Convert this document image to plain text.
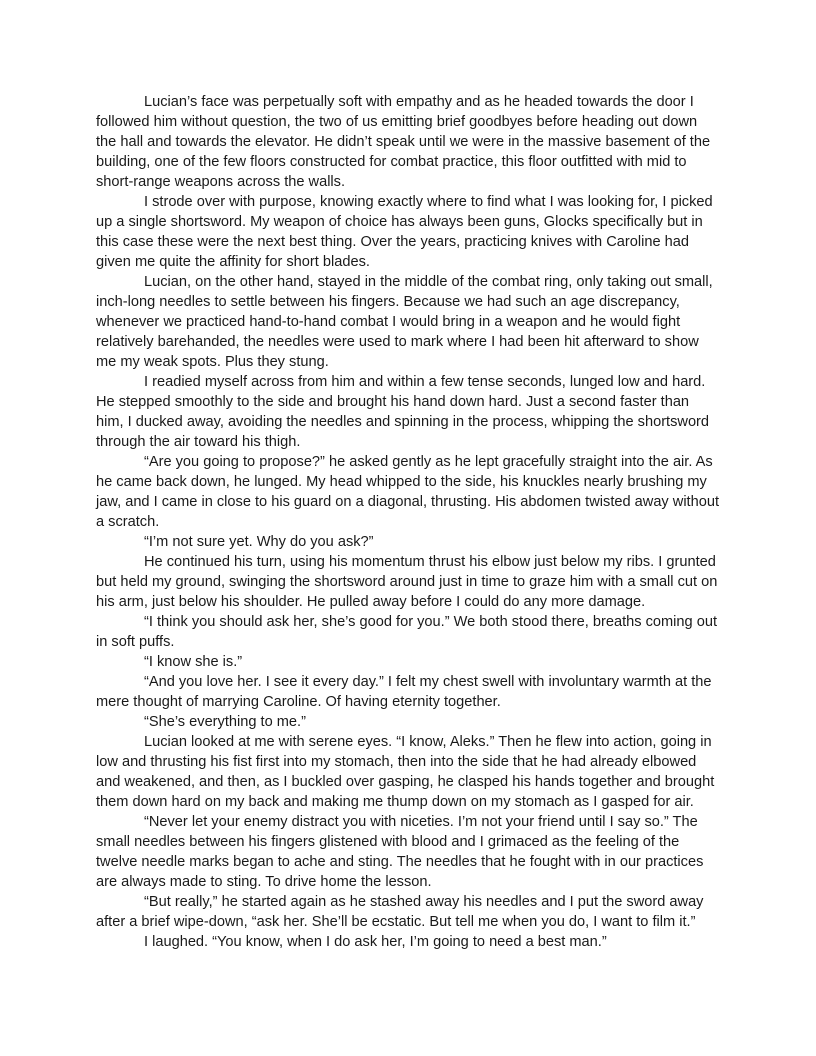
Lucian’s face was perpetually soft with empathy and as he headed towards the door I followed him without question, the two of us emitting brief goodbyes before heading out down the hall and towards the elevator. He didn’t speak until we were in the massive basement of the building, one of the few floors constructed for combat practice, this floor outfitted with mid to short-range weapons across the walls.

I strode over with purpose, knowing exactly where to find what I was looking for, I picked up a single shortsword. My weapon of choice has always been guns, Glocks specifically but in this case these were the next best thing. Over the years, practicing knives with Caroline had given me quite the affinity for short blades.

Lucian, on the other hand, stayed in the middle of the combat ring, only taking out small, inch-long needles to settle between his fingers. Because we had such an age discrepancy, whenever we practiced hand-to-hand combat I would bring in a weapon and he would fight relatively barehanded, the needles were used to mark where I had been hit afterward to show me my weak spots. Plus they stung.

I readied myself across from him and within a few tense seconds, lunged low and hard. He stepped smoothly to the side and brought his hand down hard. Just a second faster than him, I ducked away, avoiding the needles and spinning in the process, whipping the shortsword through the air toward his thigh.

“Are you going to propose?” he asked gently as he lept gracefully straight into the air. As he came back down, he lunged. My head whipped to the side, his knuckles nearly brushing my jaw, and I came in close to his guard on a diagonal, thrusting. His abdomen twisted away without a scratch.

“I’m not sure yet. Why do you ask?”

He continued his turn, using his momentum thrust his elbow just below my ribs. I grunted but held my ground, swinging the shortsword around just in time to graze him with a small cut on his arm, just below his shoulder. He pulled away before I could do any more damage.

“I think you should ask her, she’s good for you.” We both stood there, breaths coming out in soft puffs.

“I know she is.”

“And you love her. I see it every day.” I felt my chest swell with involuntary warmth at the mere thought of marrying Caroline. Of having eternity together.

“She’s everything to me.”

Lucian looked at me with serene eyes. “I know, Aleks.” Then he flew into action, going in low and thrusting his fist first into my stomach, then into the side that he had already elbowed and weakened, and then, as I buckled over gasping, he clasped his hands together and brought them down hard on my back and making me thump down on my stomach as I gasped for air.

“Never let your enemy distract you with niceties. I’m not your friend until I say so.” The small needles between his fingers glistened with blood and I grimaced as the feeling of the twelve needle marks began to ache and sting. The needles that he fought with in our practices are always made to sting. To drive home the lesson.

“But really,” he started again as he stashed away his needles and I put the sword away after a brief wipe-down, “ask her. She’ll be ecstatic. But tell me when you do, I want to film it.”

I laughed. “You know, when I do ask her, I’m going to need a best man.”
